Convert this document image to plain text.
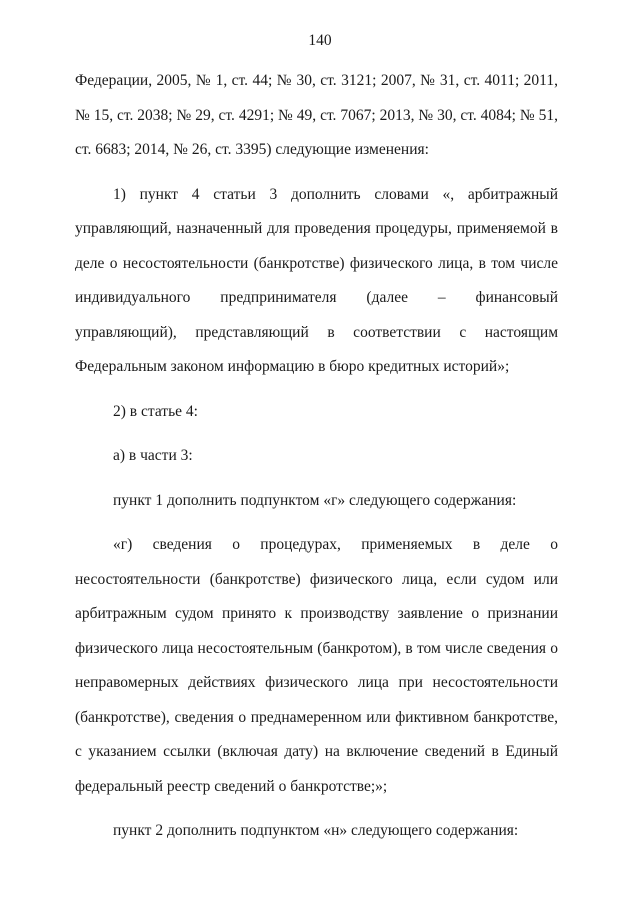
140

Федерации, 2005, № 1, ст. 44; № 30, ст. 3121; 2007, № 31, ст. 4011; 2011, № 15, ст. 2038; № 29, ст. 4291; № 49, ст. 7067; 2013, № 30, ст. 4084; № 51, ст. 6683; 2014, № 26, ст. 3395) следующие изменения:

1) пункт 4 статьи 3 дополнить словами «, арбитражный управляющий, назначенный для проведения процедуры, применяемой в деле о несостоятельности (банкротстве) физического лица, в том числе индивидуального предпринимателя (далее – финансовый управляющий), представляющий в соответствии с настоящим Федеральным законом информацию в бюро кредитных историй»;

2) в статье 4:

а) в части 3:

пункт 1 дополнить подпунктом «г» следующего содержания:

«г) сведения о процедурах, применяемых в деле о несостоятельности (банкротстве) физического лица, если судом или арбитражным судом принято к производству заявление о признании физического лица несостоятельным (банкротом), в том числе сведения о неправомерных действиях физического лица при несостоятельности (банкротстве), сведения о преднамеренном или фиктивном банкротстве, с указанием ссылки (включая дату) на включение сведений в Единый федеральный реестр сведений о банкротстве;»;

пункт 2 дополнить подпунктом «н» следующего содержания:
